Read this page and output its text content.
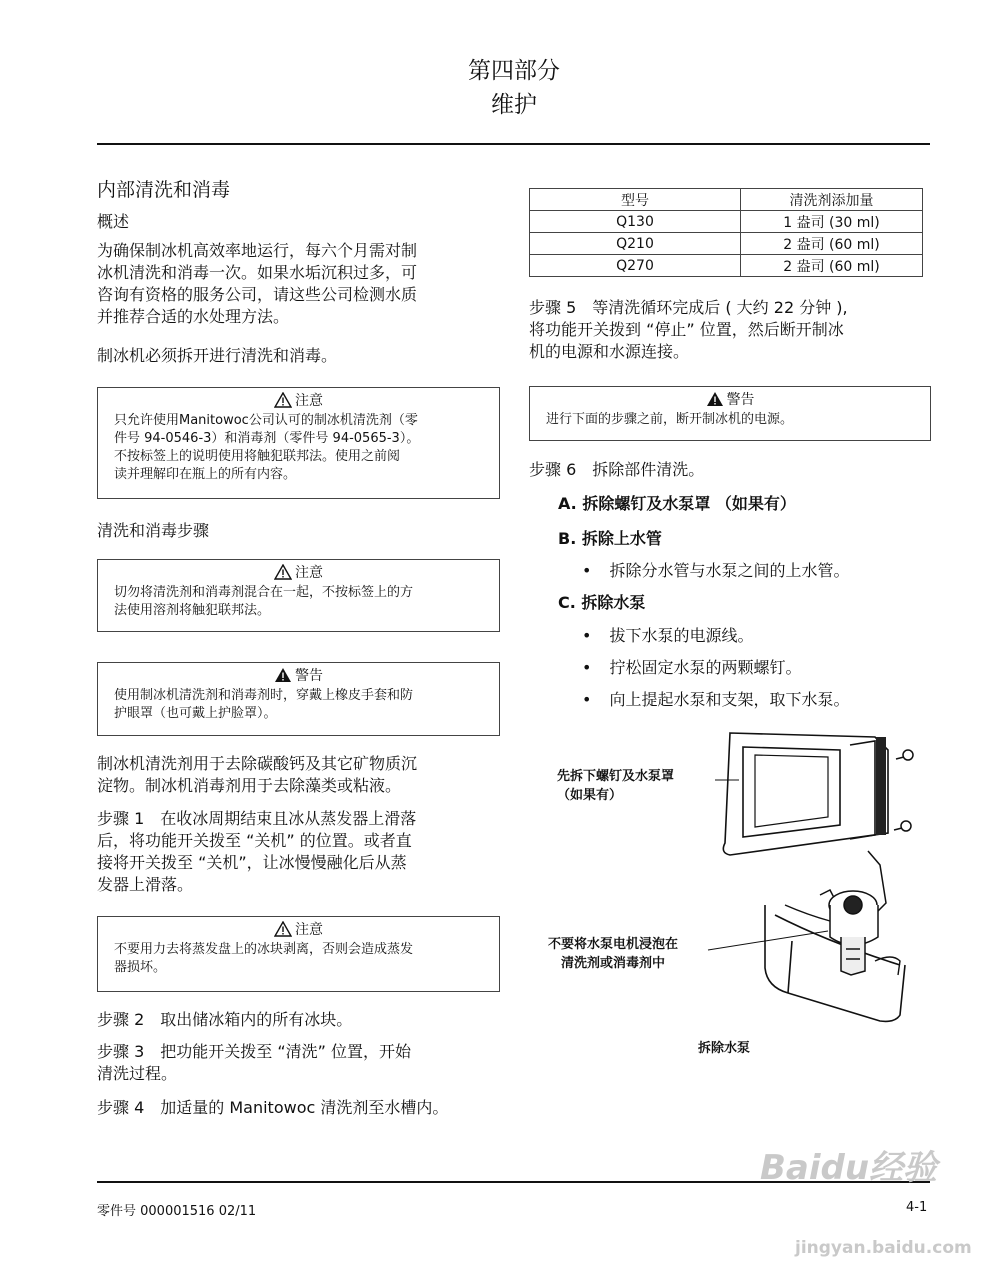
第四部分
维护
内部清洗和消毒
概述
为确保制冰机高效率地运行，每六个月需对制
冰机清洗和消毒一次。如果水垢沉积过多，可
咨询有资格的服务公司，请这些公司检测水质
并推荐合适的水处理方法。
制冰机必须拆开进行清洗和消毒。
注意
只允许使用Manitowoc公司认可的制冰机清洗剂（零
件号 94-0546-3）和消毒剂（零件号 94-0565-3）。
不按标签上的说明使用将触犯联邦法。使用之前阅
读并理解印在瓶上的所有内容。
清洗和消毒步骤
注意
切勿将清洗剂和消毒剂混合在一起，不按标签上的方
法使用溶剂将触犯联邦法。
警告
使用制冰机清洗剂和消毒剂时，穿戴上橡皮手套和防
护眼罩（也可戴上护脸罩）。
制冰机清洗剂用于去除碳酸钙及其它矿物质沉
淀物。制冰机消毒剂用于去除藻类或粘液。
步骤 1　在收冰周期结束且冰从蒸发器上滑落
后，将功能开关拨至 “关机” 的位置。或者直
接将开关拨至 “关机”，让冰慢慢融化后从蒸
发器上滑落。
注意
不要用力去将蒸发盘上的冰块剥离，否则会造成蒸发
器损坏。
步骤 2　取出储冰箱内的所有冰块。
步骤 3　把功能开关拨至 “清洗” 位置，开始
清洗过程。
步骤 4　加适量的 Manitowoc 清洗剂至水槽内。
型号	清洗剂添加量
Q130	1 盎司 (30 ml)
Q210	2 盎司 (60 ml)
Q270	2 盎司 (60 ml)
步骤 5　等清洗循环完成后 ( 大约 22 分钟 ),
将功能开关拨到 “停止” 位置，然后断开制冰
机的电源和水源连接。
警告
进行下面的步骤之前，断开制冰机的电源。
步骤 6　拆除部件清洗。
A. 拆除螺钉及水泵罩 （如果有）
B. 拆除上水管
• 拆除分水管与水泵之间的上水管。
C. 拆除水泵
• 拔下水泵的电源线。
• 拧松固定水泵的两颗螺钉。
• 向上提起水泵和支架，取下水泵。
先拆下螺钉及水泵罩
（如果有）
不要将水泵电机浸泡在
清洗剂或消毒剂中
拆除水泵
零件号 000001516 02/11	4-1
Baidu经验
jingyan.baidu.com
